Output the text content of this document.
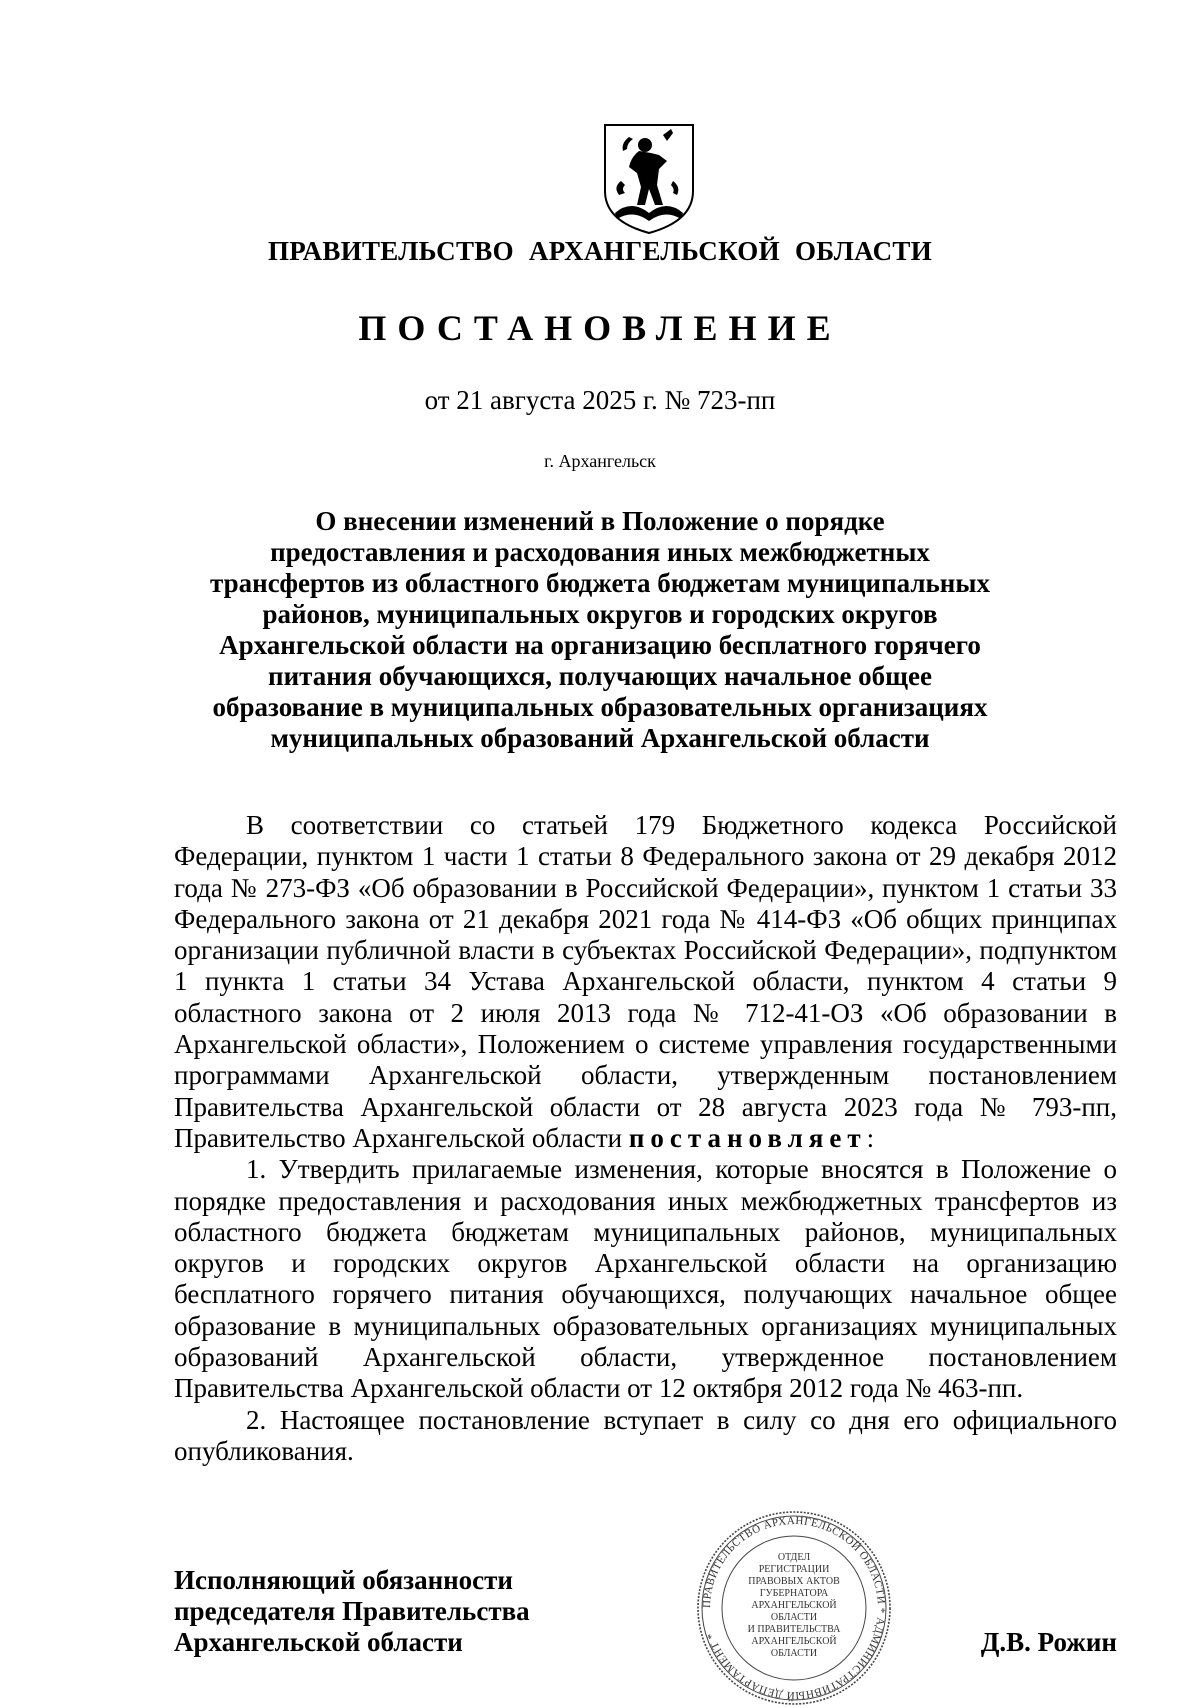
ПРАВИТЕЛЬСТВО АРХАНГЕЛЬСКОЙ ОБЛАСТИ
ПОСТАНОВЛЕНИЕ
от 21 августа 2025 г. № 723-пп
г. Архангельск
О внесении изменений в Положение о порядке
предоставления и расходования иных межбюджетных
трансфертов из областного бюджета бюджетам муниципальных
районов, муниципальных округов и городских округов
Архангельской области на организацию бесплатного горячего
питания обучающихся, получающих начальное общее
образование в муниципальных образовательных организациях
муниципальных образований Архангельской области

В соответствии со статьей 179 Бюджетного кодекса Российской Федерации, пунктом 1 части 1 статьи 8 Федерального закона от 29 декабря 2012 года № 273-ФЗ «Об образовании в Российской Федерации», пунктом 1 статьи 33 Федерального закона от 21 декабря 2021 года № 414-ФЗ «Об общих принципах организации публичной власти в субъектах Российской Федерации», подпунктом 1 пункта 1 статьи 34 Устава Архангельской области, пунктом 4 статьи 9 областного закона от 2 июля 2013 года № 712-41-ОЗ «Об образовании в Архангельской области», Положением о системе управления государственными программами Архангельской области, утвержденным постановлением Правительства Архангельской области от 28 августа 2023 года № 793-пп, Правительство Архангельской области постановляет:

1. Утвердить прилагаемые изменения, которые вносятся в Положение о порядке предоставления и расходования иных межбюджетных трансфертов из областного бюджета бюджетам муниципальных районов, муниципальных округов и городских округов Архангельской области на организацию бесплатного горячего питания обучающихся, получающих начальное общее образование в муниципальных образовательных организациях муниципальных образований Архангельской области, утвержденное постановлением Правительства Архангельской области от 12 октября 2012 года № 463-пп.

2. Настоящее постановление вступает в силу со дня его официального опубликования.

Исполняющий обязанности
председателя Правительства
Архангельской области	Д.В. Рожин
ПРАВИТЕЛЬСТВО АРХАНГЕЛЬСКОЙ ОБЛАСТИ * АДМИНИСТРАТИВНЫЙ ДЕПАРТАМЕНТ *
ОТДЕЛ
РЕГИСТРАЦИИ
ПРАВОВЫХ АКТОВ
ГУБЕРНАТОРА
АРХАНГЕЛЬСКОЙ
ОБЛАСТИ
И ПРАВИТЕЛЬСТВА
АРХАНГЕЛЬСКОЙ
ОБЛАСТИ
